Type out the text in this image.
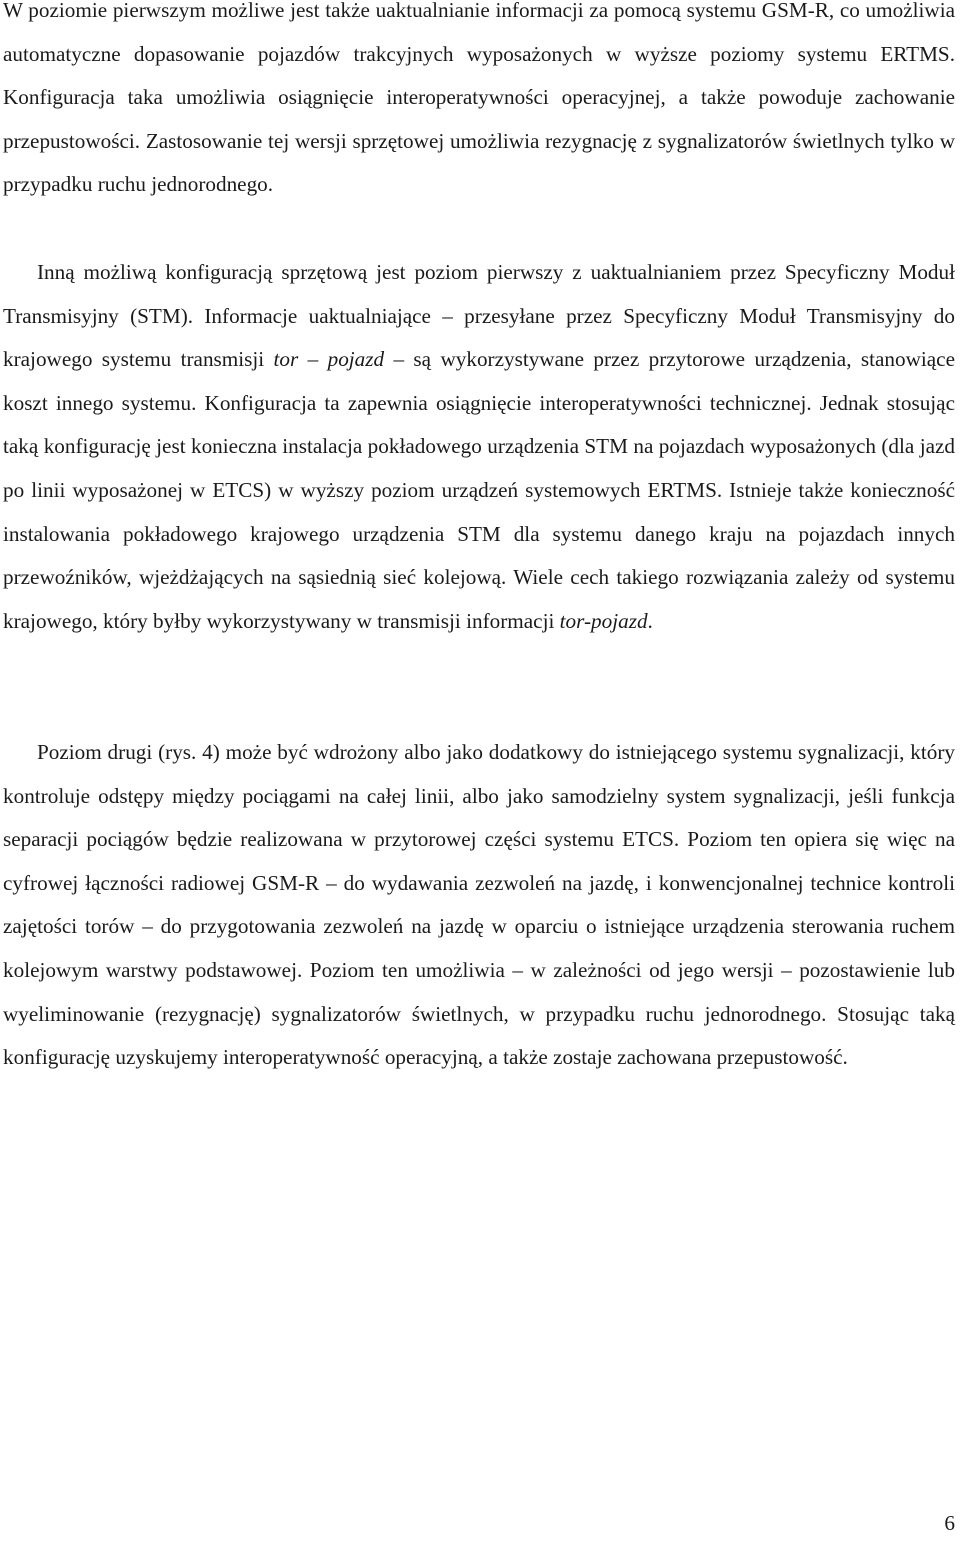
W poziomie pierwszym możliwe jest także uaktualnianie informacji za pomocą systemu GSM-R, co umożliwia automatyczne dopasowanie pojazdów trakcyjnych wyposażonych w wyższe poziomy systemu ERTMS. Konfiguracja taka umożliwia osiągnięcie interoperatywności operacyjnej, a także powoduje zachowanie przepustowości. Zastosowanie tej wersji sprzętowej umożliwia rezygnację z sygnalizatorów świetlnych tylko w przypadku ruchu jednorodnego.

Inną możliwą konfiguracją sprzętową jest poziom pierwszy z uaktualnianiem przez Specyficzny Moduł Transmisyjny (STM). Informacje uaktualniające – przesyłane przez Specyficzny Moduł Transmisyjny do krajowego systemu transmisji tor – pojazd – są wykorzystywane przez przytorowe urządzenia, stanowiące koszt innego systemu. Konfiguracja ta zapewnia osiągnięcie interoperatywności technicznej. Jednak stosując taką konfigurację jest konieczna instalacja pokładowego urządzenia STM na pojazdach wyposażonych (dla jazd po linii wyposażonej w ETCS) w wyższy poziom urządzeń systemowych ERTMS. Istnieje także konieczność instalowania pokładowego krajowego urządzenia STM dla systemu danego kraju na pojazdach innych przewoźników, wjeżdżających na sąsiednią sieć kolejową. Wiele cech takiego rozwiązania zależy od systemu krajowego, który byłby wykorzystywany w transmisji informacji tor-pojazd.

Poziom drugi (rys. 4) może być wdrożony albo jako dodatkowy do istniejącego systemu sygnalizacji, który kontroluje odstępy między pociągami na całej linii, albo jako samodzielny system sygnalizacji, jeśli funkcja separacji pociągów będzie realizowana w przytorowej części systemu ETCS. Poziom ten opiera się więc na cyfrowej łączności radiowej GSM-R – do wydawania zezwoleń na jazdę, i konwencjonalnej technice kontroli zajętości torów – do przygotowania zezwoleń na jazdę w oparciu o istniejące urządzenia sterowania ruchem kolejowym warstwy podstawowej. Poziom ten umożliwia – w zależności od jego wersji – pozostawienie lub wyeliminowanie (rezygnację) sygnalizatorów świetlnych, w przypadku ruchu jednorodnego. Stosując taką konfigurację uzyskujemy interoperatywność operacyjną, a także zostaje zachowana przepustowość.

6
